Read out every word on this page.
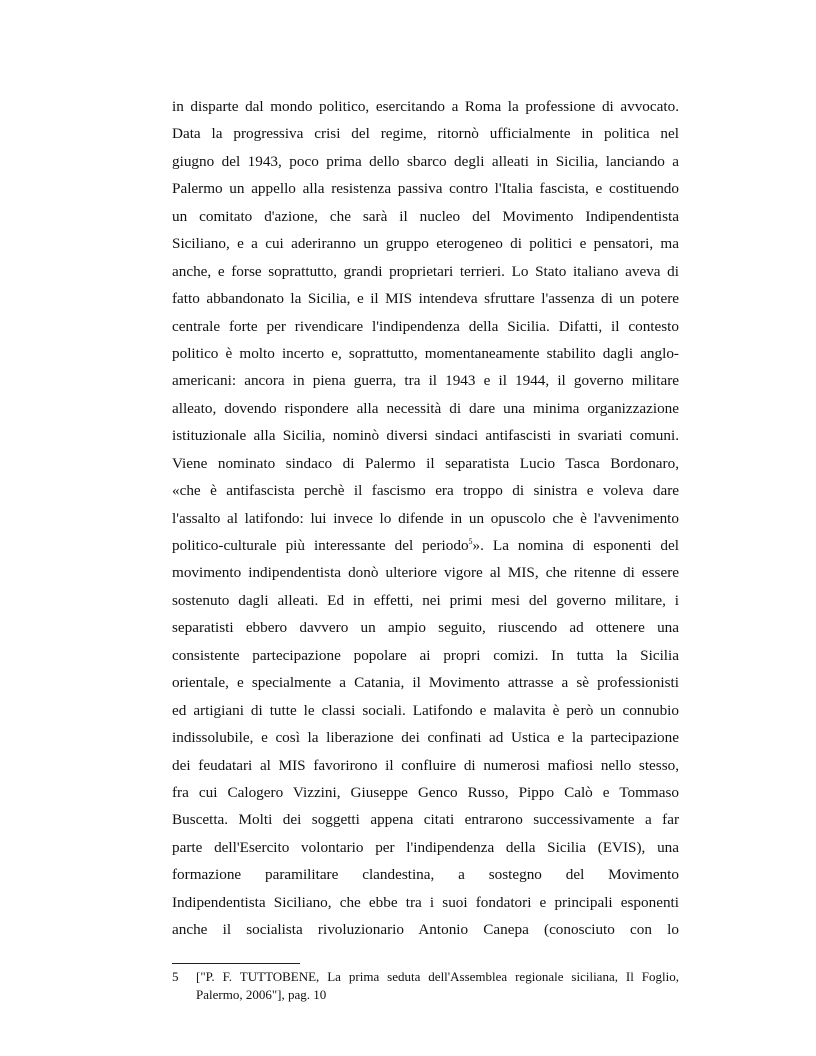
in disparte dal mondo politico, esercitando a Roma la professione di avvocato.
Data la progressiva crisi del regime, ritornò ufficialmente in politica nel
giugno del 1943, poco prima dello sbarco degli alleati in Sicilia, lanciando a
Palermo un appello alla resistenza passiva contro l'Italia fascista, e costituendo
un comitato d'azione, che sarà il nucleo del Movimento Indipendentista
Siciliano, e a cui aderiranno un gruppo eterogeneo di politici e pensatori, ma
anche, e forse soprattutto, grandi proprietari terrieri. Lo Stato italiano aveva di
fatto abbandonato la Sicilia, e il MIS intendeva sfruttare l'assenza di un potere
centrale forte per rivendicare l'indipendenza della Sicilia. Difatti, il contesto
politico è molto incerto e, soprattutto, momentaneamente stabilito dagli anglo-
americani: ancora in piena guerra, tra il 1943 e il 1944, il governo militare
alleato, dovendo rispondere alla necessità di dare una minima organizzazione
istituzionale alla Sicilia, nominò diversi sindaci antifascisti in svariati comuni.
Viene nominato sindaco di Palermo il separatista Lucio Tasca Bordonaro,
«che è antifascista perchè il fascismo era troppo di sinistra e voleva dare
l'assalto al latifondo: lui invece lo difende in un opuscolo che è l'avvenimento
politico-culturale più interessante del periodo$^5$». La nomina di esponenti del
movimento indipendentista donò ulteriore vigore al MIS, che ritenne di essere
sostenuto dagli alleati. Ed in effetti, nei primi mesi del governo militare, i
separatisti ebbero davvero un ampio seguito, riuscendo ad ottenere una
consistente partecipazione popolare ai propri comizi. In tutta la Sicilia
orientale, e specialmente a Catania, il Movimento attrasse a sè professionisti
ed artigiani di tutte le classi sociali. Latifondo e malavita è però un connubio
indissolubile, e così la liberazione dei confinati ad Ustica e la partecipazione
dei feudatari al MIS favorirono il confluire di numerosi mafiosi nello stesso,
fra cui Calogero Vizzini, Giuseppe Genco Russo, Pippo Calò e Tommaso
Buscetta. Molti dei soggetti appena citati entrarono successivamente a far
parte dell'Esercito volontario per l'indipendenza della Sicilia (EVIS), una
formazione paramilitare clandestina, a sostegno del Movimento
Indipendentista Siciliano, che ebbe tra i suoi fondatori e principali esponenti
anche il socialista rivoluzionario Antonio Canepa (conosciuto con lo
5 ["P. F. TUTTOBENE, La prima seduta dell'Assemblea regionale siciliana, Il Foglio,
Palermo, 2006"], pag. 10
